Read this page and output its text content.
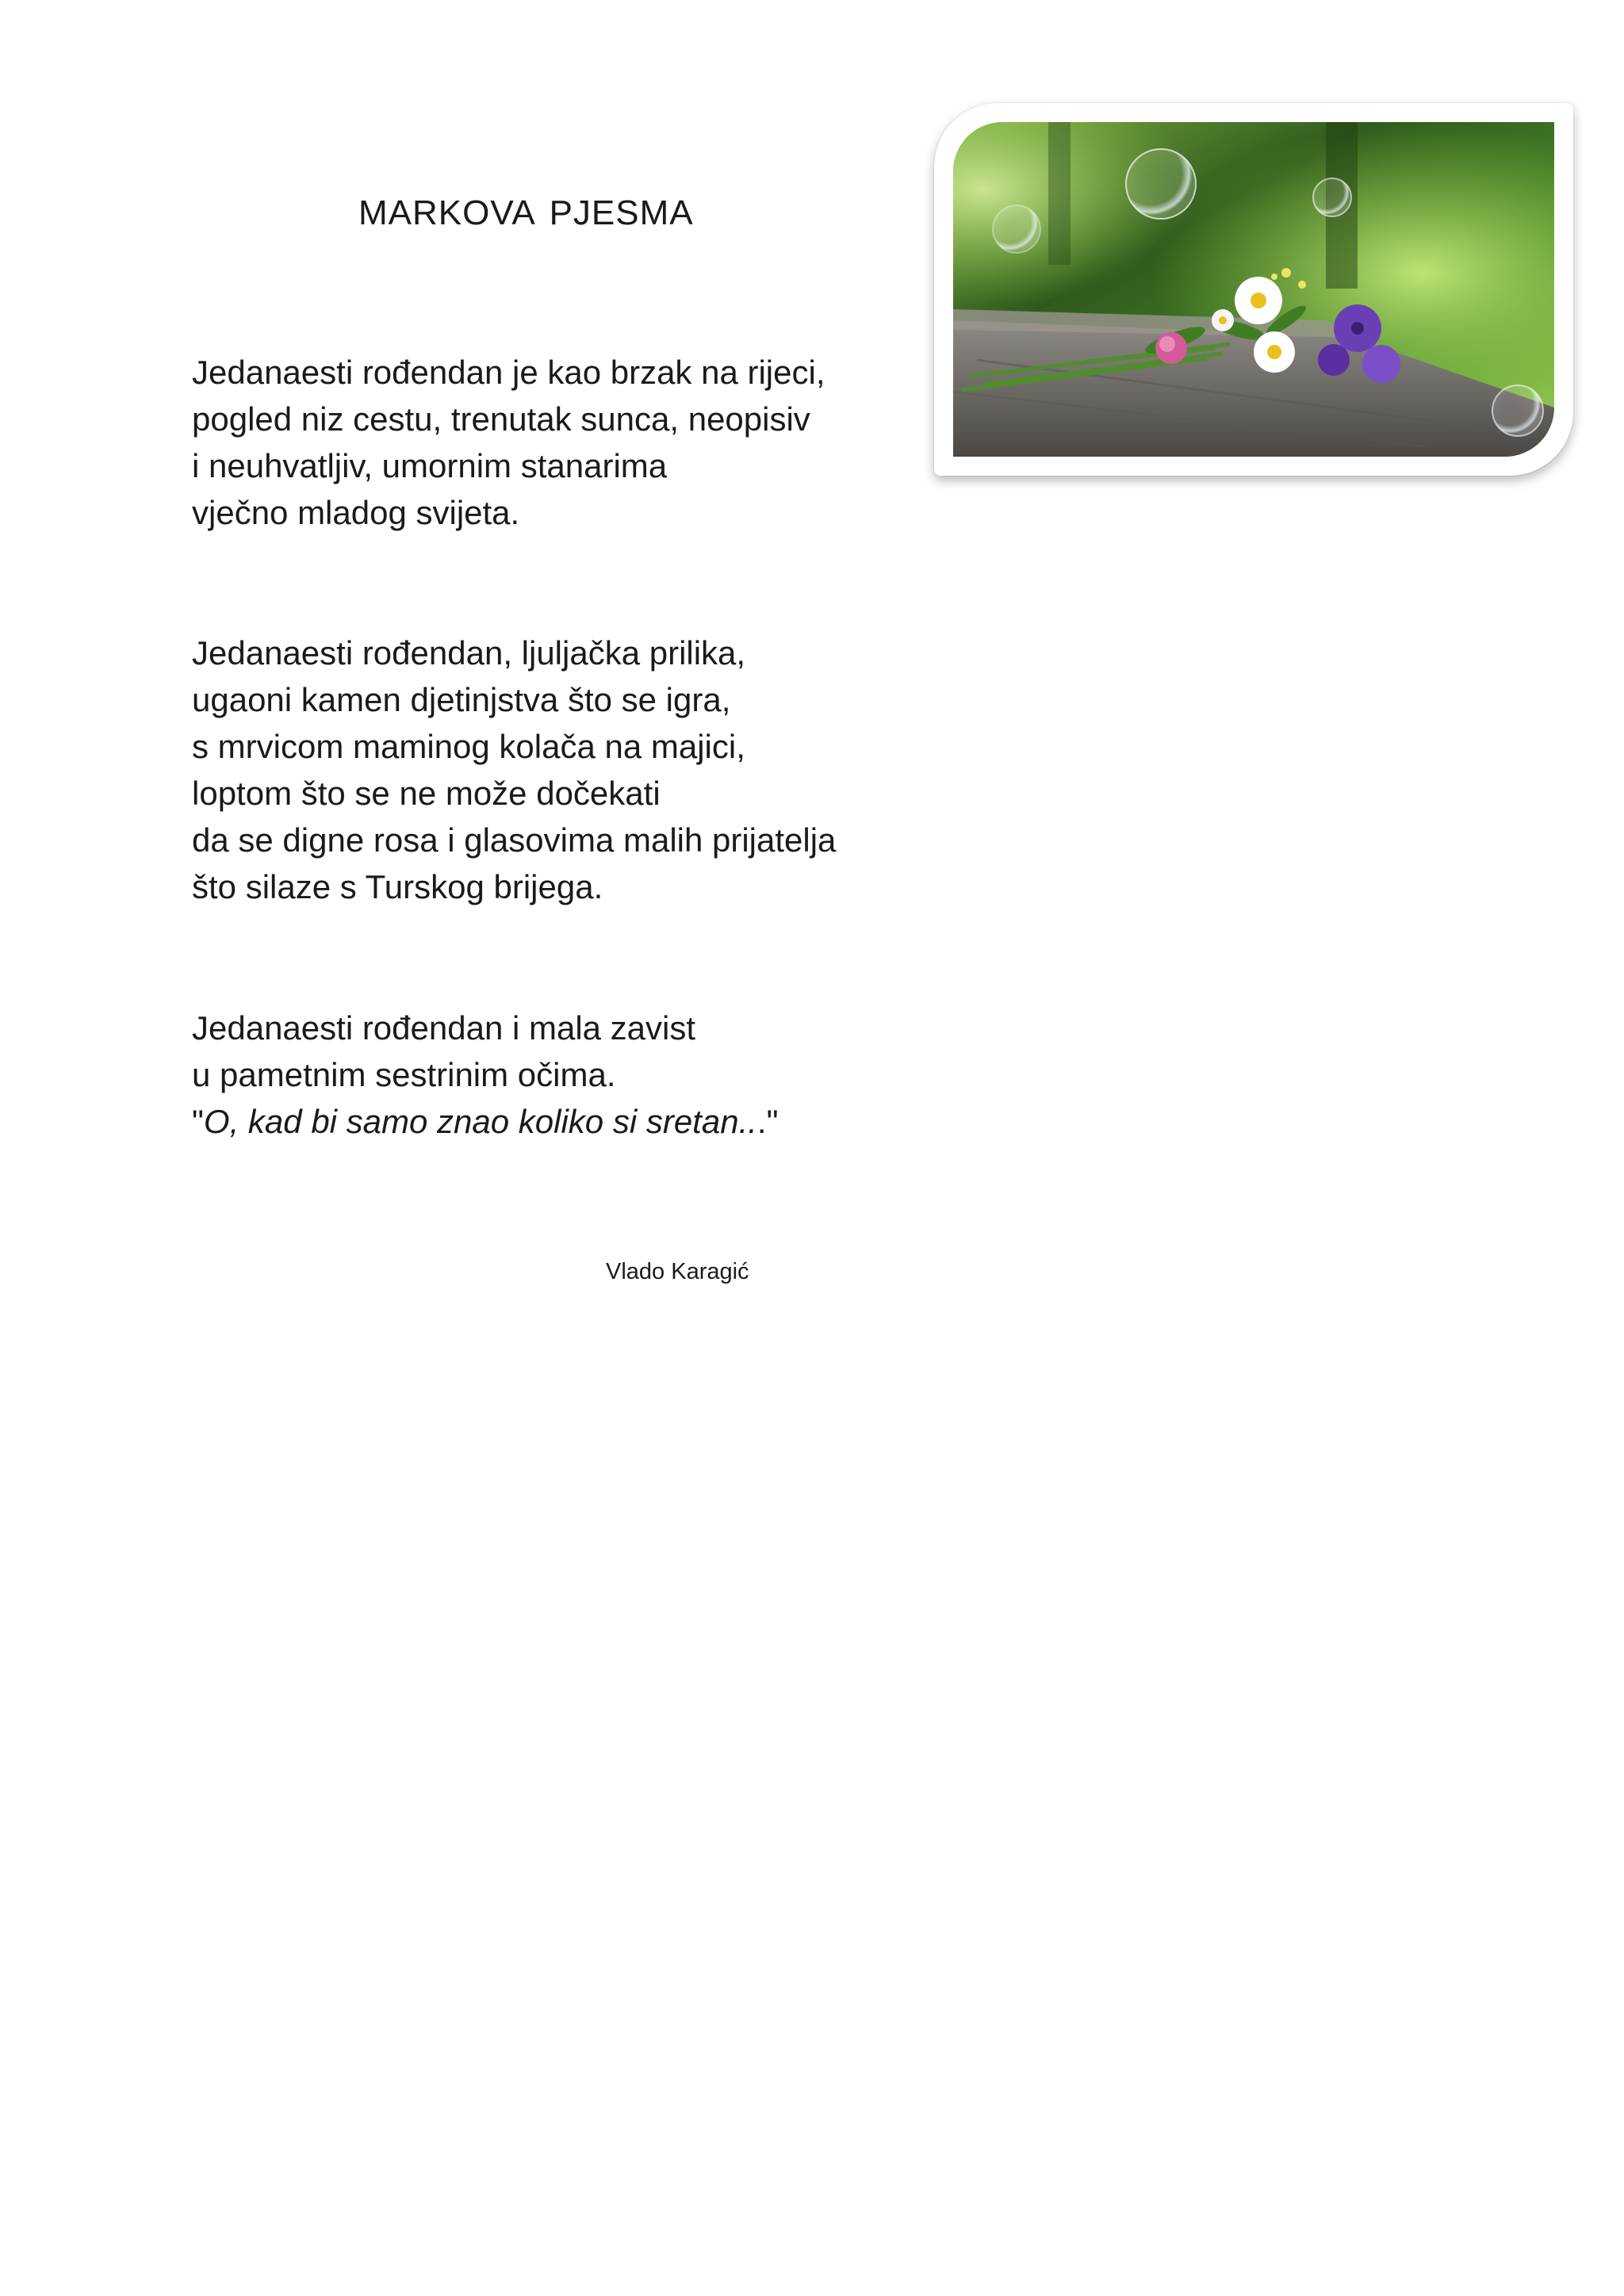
MARKOVA PJESMA
Jedanaesti rođendan je kao brzak na rijeci,
pogled niz cestu, trenutak sunca, neopisiv
i neuhvatljiv, umornim stanarima
vječno mladog svijeta.
Jedanaesti rođendan, ljuljačka prilika,
ugaoni kamen djetinjstva što se igra,
s mrvicom maminog kolača na majici,
loptom što se ne može dočekati
da se digne rosa i glasovima malih prijatelja
što silaze s Turskog brijega.
Jedanaesti rođendan i mala zavist
u pametnim sestrinim očima.
"O, kad bi samo znao koliko si sretan..."
Vlado Karagić
